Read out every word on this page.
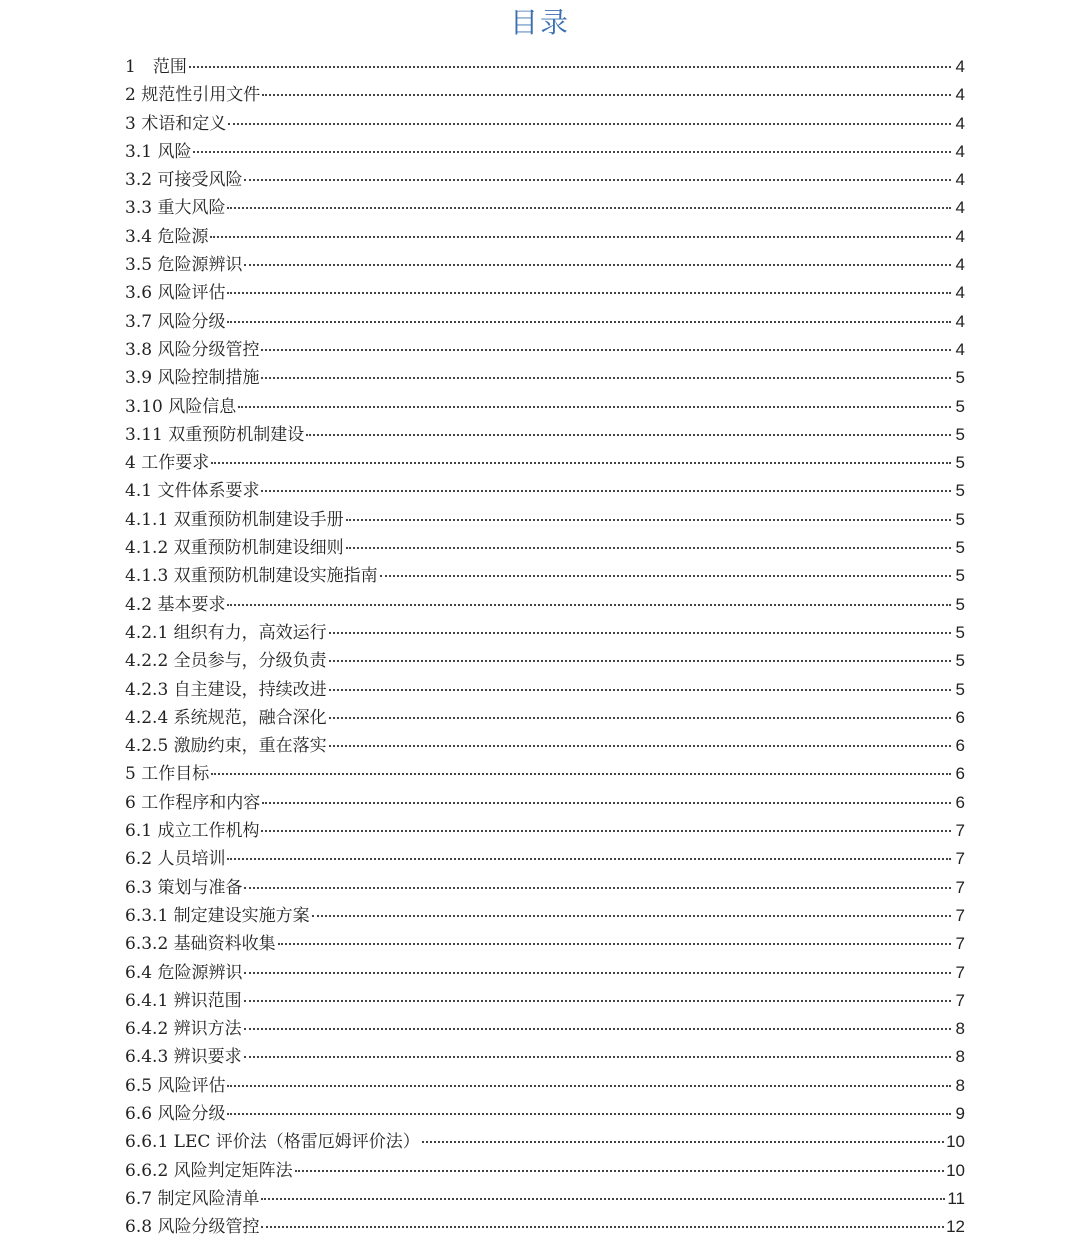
目录
1　范围	4
2 规范性引用文件	4
3 术语和定义	4
3.1 风险	4
3.2 可接受风险	4
3.3 重大风险	4
3.4 危险源	4
3.5 危险源辨识	4
3.6 风险评估	4
3.7 风险分级	4
3.8 风险分级管控	4
3.9 风险控制措施	5
3.10 风险信息	5
3.11 双重预防机制建设	5
4 工作要求	5
4.1 文件体系要求	5
4.1.1 双重预防机制建设手册	5
4.1.2 双重预防机制建设细则	5
4.1.3 双重预防机制建设实施指南	5
4.2 基本要求	5
4.2.1 组织有力，高效运行	5
4.2.2 全员参与，分级负责	5
4.2.3 自主建设，持续改进	5
4.2.4 系统规范，融合深化	6
4.2.5 激励约束，重在落实	6
5 工作目标	6
6 工作程序和内容	6
6.1 成立工作机构	7
6.2 人员培训	7
6.3 策划与准备	7
6.3.1 制定建设实施方案	7
6.3.2 基础资料收集	7
6.4 危险源辨识	7
6.4.1 辨识范围	7
6.4.2 辨识方法	8
6.4.3 辨识要求	8
6.5 风险评估	8
6.6 风险分级	9
6.6.1 LEC 评价法（格雷厄姆评价法）	10
6.6.2 风险判定矩阵法	10
6.7 制定风险清单	11
6.8 风险分级管控	12
